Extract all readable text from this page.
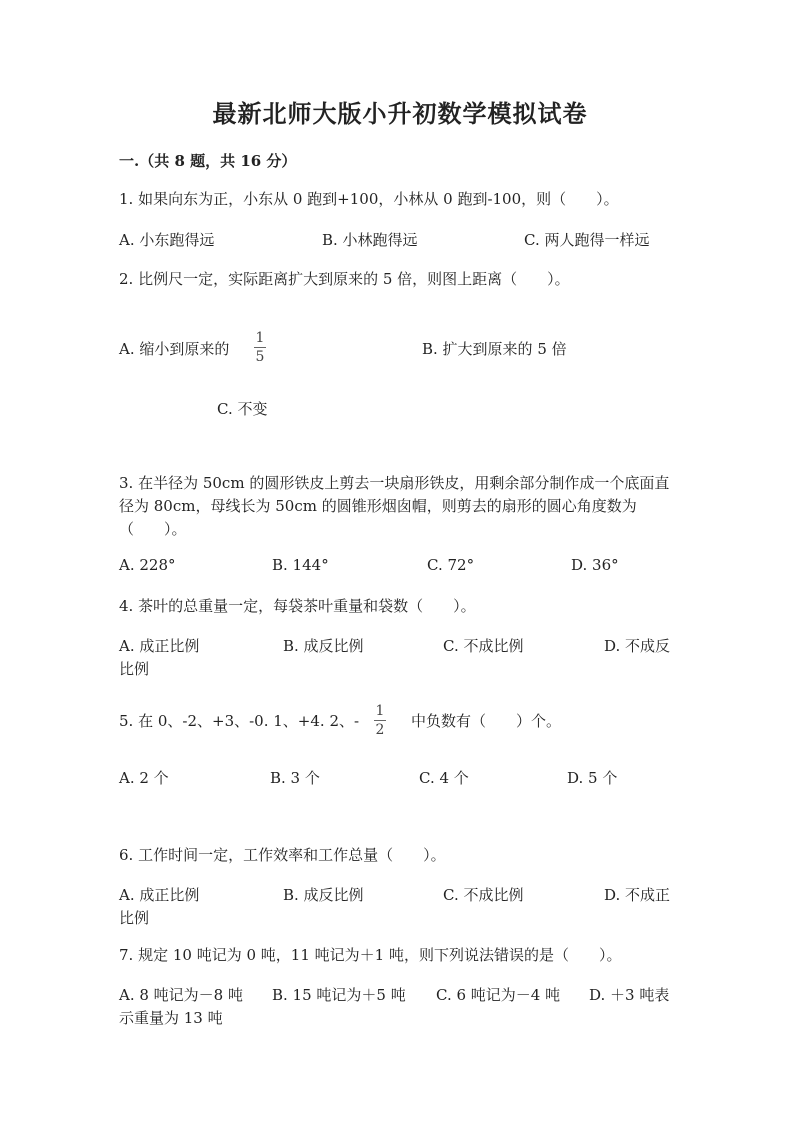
最新北师大版小升初数学模拟试卷
一.（共 8 题，共 16 分）
1. 如果向东为正，小东从 0 跑到+100，小林从 0 跑到-100，则（　　）。
A. 小东跑得远	B. 小林跑得远	C. 两人跑得一样远
2. 比例尺一定，实际距离扩大到原来的 5 倍，则图上距离（　　）。
A. 缩小到原来的
1
5	B. 扩大到原来的 5 倍
C. 不变
3. 在半径为 50cm 的圆形铁皮上剪去一块扇形铁皮，用剩余部分制作成一个底面直径为 80cm，母线长为 50cm 的圆锥形烟囱帽，则剪去的扇形的圆心角度数为（　　）。
A. 228°	B. 144°	C. 72°	D. 36°
4. 茶叶的总重量一定，每袋茶叶重量和袋数（　　）。
A. 成正比例	B. 成反比例	C. 不成比例	D. 不成反比例
5. 在 0、-2、+3、-0. 1、+4. 2、-
1
2 中负数有（　　）个。
A. 2 个	B. 3 个	C. 4 个	D. 5 个
6. 工作时间一定，工作效率和工作总量（　　）。
A. 成正比例	B. 成反比例	C. 不成比例	D. 不成正比例
7. 规定 10 吨记为 0 吨，11 吨记为＋1 吨，则下列说法错误的是（　　）。
A. 8 吨记为－8 吨 B. 15 吨记为＋5 吨 C. 6 吨记为－4 吨	D. ＋3 吨表示重量为 13 吨
